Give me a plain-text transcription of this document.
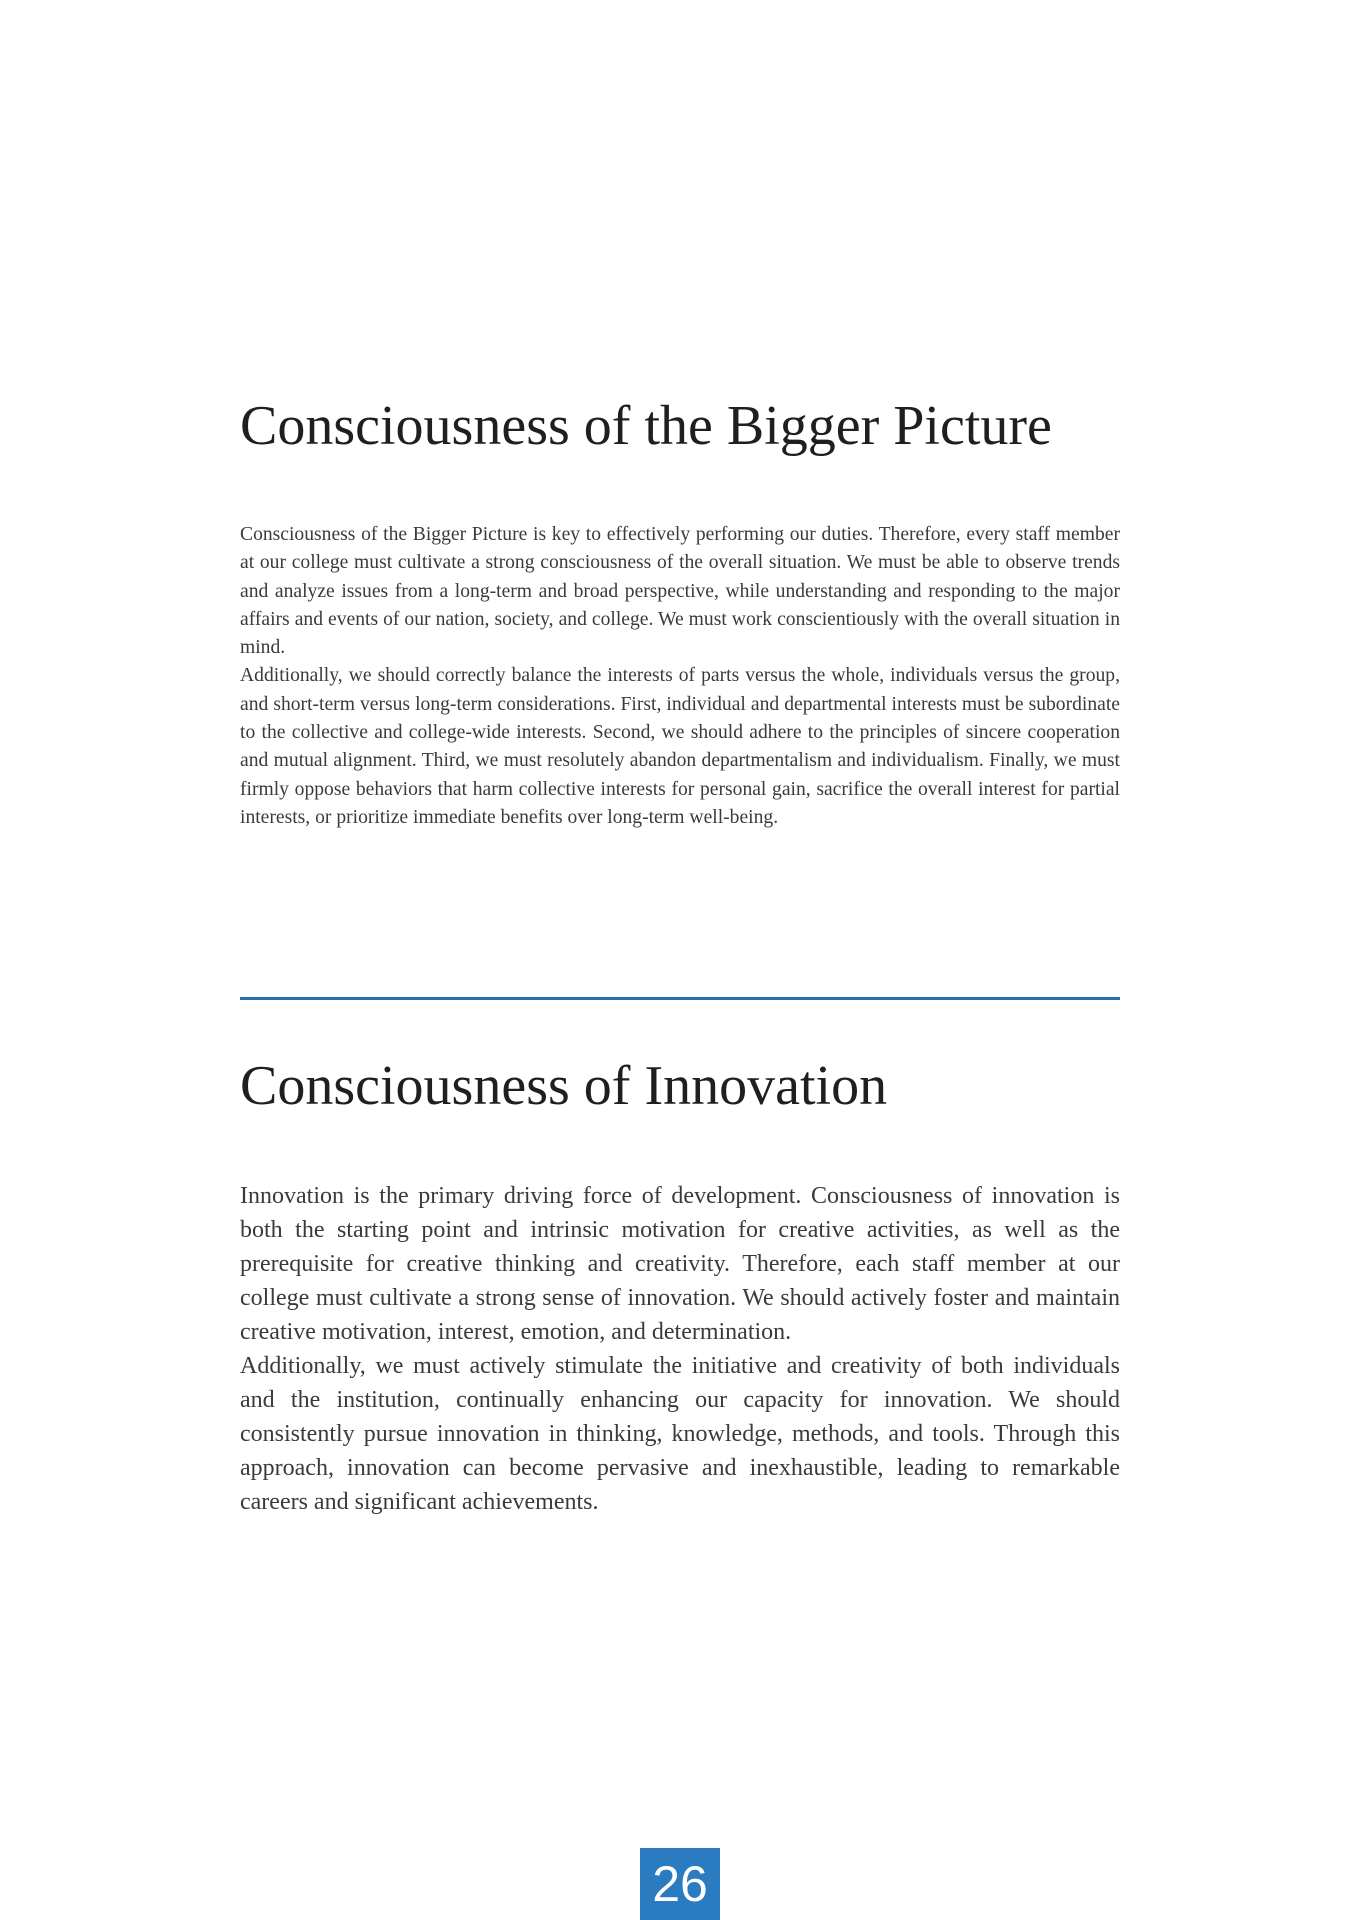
Consciousness of the Bigger Picture

Consciousness of the Bigger Picture is key to effectively performing our duties. Therefore, every staff member at our college must cultivate a strong consciousness of the overall situation. We must be able to observe trends and analyze issues from a long-term and broad perspective, while understanding and responding to the major affairs and events of our nation, society, and college. We must work conscientiously with the overall situation in mind.

Additionally, we should correctly balance the interests of parts versus the whole, individuals versus the group, and short-term versus long-term considerations. First, individual and departmental interests must be subordinate to the collective and college-wide interests. Second, we should adhere to the principles of sincere cooperation and mutual alignment. Third, we must resolutely abandon departmentalism and individualism. Finally, we must firmly oppose behaviors that harm collective interests for personal gain, sacrifice the overall interest for partial interests, or prioritize immediate benefits over long-term well-being.

Consciousness of Innovation

Innovation is the primary driving force of development. Consciousness of innovation is both the starting point and intrinsic motivation for creative activities, as well as the prerequisite for creative thinking and creativity. Therefore, each staff member at our college must cultivate a strong sense of innovation. We should actively foster and maintain creative motivation, interest, emotion, and determination.

Additionally, we must actively stimulate the initiative and creativity of both individuals and the institution, continually enhancing our capacity for innovation. We should consistently pursue innovation in thinking, knowledge, methods, and tools. Through this approach, innovation can become pervasive and inexhaustible, leading to remarkable careers and significant achievements.

26
